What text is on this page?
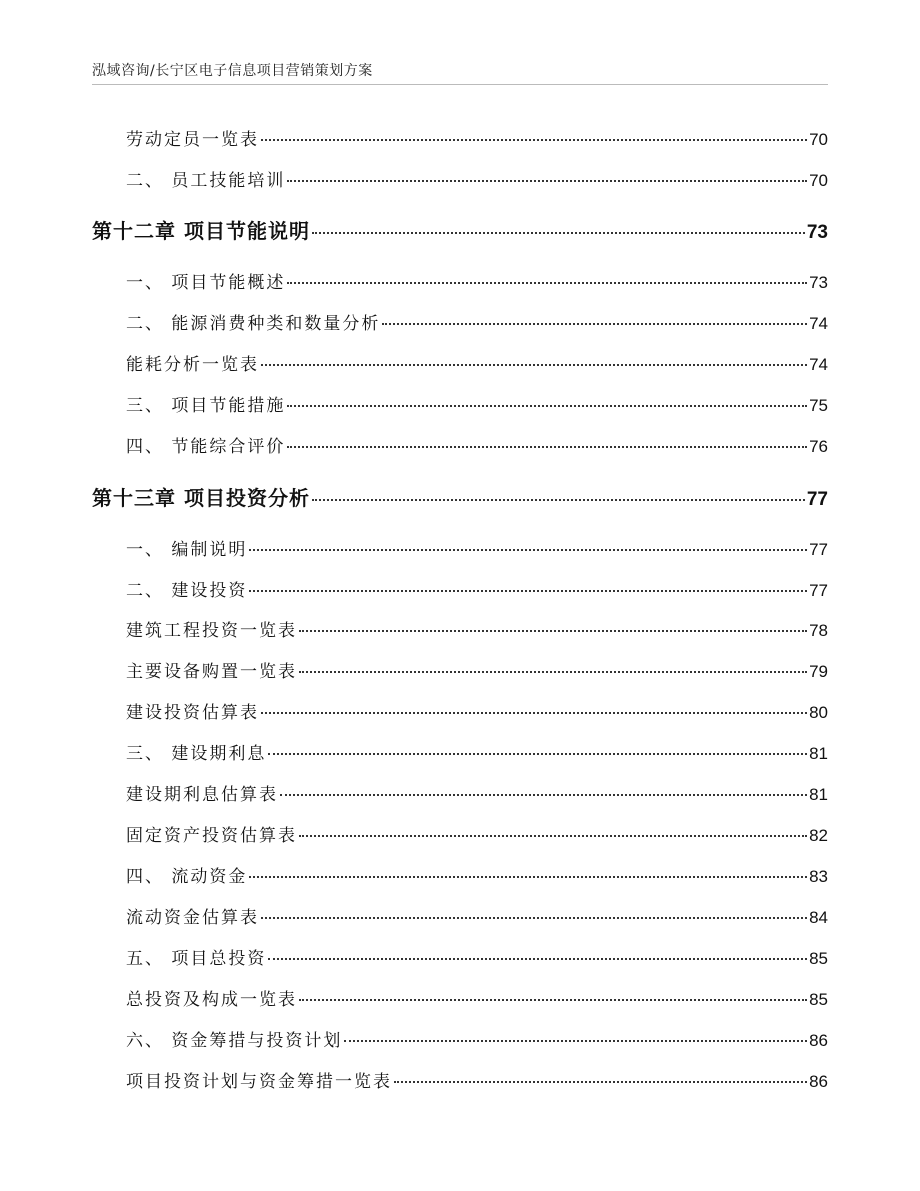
泓域咨询/长宁区电子信息项目营销策划方案
劳动定员一览表	70
二、 员工技能培训	70
第十二章 项目节能说明	73
一、 项目节能概述	73
二、 能源消费种类和数量分析	74
能耗分析一览表	74
三、 项目节能措施	75
四、 节能综合评价	76
第十三章 项目投资分析	77
一、 编制说明	77
二、 建设投资	77
建筑工程投资一览表	78
主要设备购置一览表	79
建设投资估算表	80
三、 建设期利息	81
建设期利息估算表	81
固定资产投资估算表	82
四、 流动资金	83
流动资金估算表	84
五、 项目总投资	85
总投资及构成一览表	85
六、 资金筹措与投资计划	86
项目投资计划与资金筹措一览表	86
